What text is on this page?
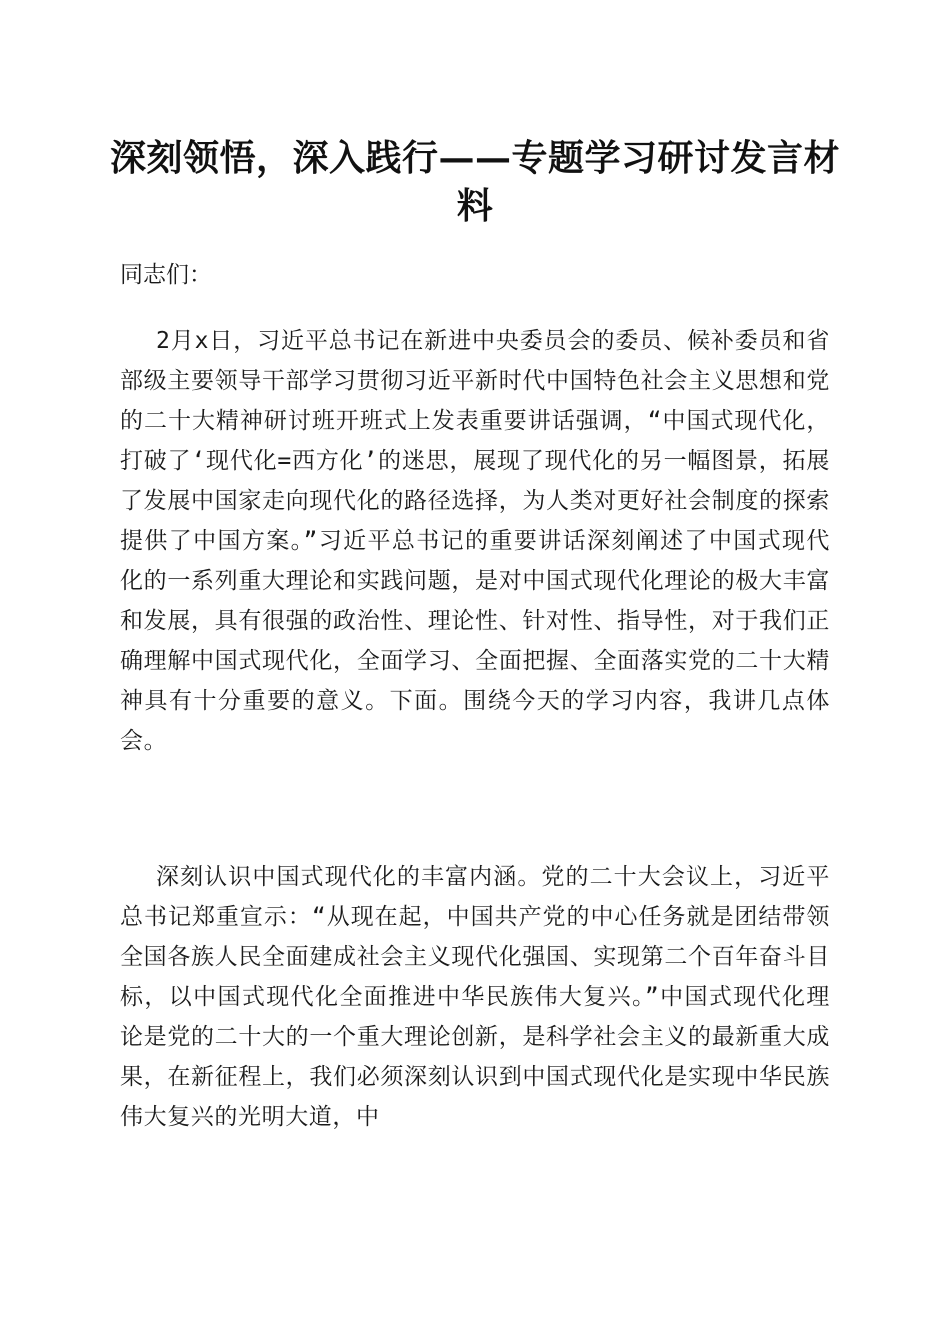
深刻领悟，深入践行——专题学习研讨发言材料

同志们：

2月x日，习近平总书记在新进中央委员会的委员、候补委员和省部级主要领导干部学习贯彻习近平新时代中国特色社会主义思想和党的二十大精神研讨班开班式上发表重要讲话强调，“中国式现代化，打破了‘现代化=西方化’的迷思，展现了现代化的另一幅图景，拓展了发展中国家走向现代化的路径选择，为人类对更好社会制度的探索提供了中国方案。”习近平总书记的重要讲话深刻阐述了中国式现代化的一系列重大理论和实践问题，是对中国式现代化理论的极大丰富和发展，具有很强的政治性、理论性、针对性、指导性，对于我们正确理解中国式现代化，全面学习、全面把握、全面落实党的二十大精神具有十分重要的意义。下面。围绕今天的学习内容，我讲几点体会。

深刻认识中国式现代化的丰富内涵。党的二十大会议上，习近平总书记郑重宣示：“从现在起，中国共产党的中心任务就是团结带领全国各族人民全面建成社会主义现代化强国、实现第二个百年奋斗目标，以中国式现代化全面推进中华民族伟大复兴。”中国式现代化理论是党的二十大的一个重大理论创新，是科学社会主义的最新重大成果，在新征程上，我们必须深刻认识到中国式现代化是实现中华民族伟大复兴的光明大道，中
